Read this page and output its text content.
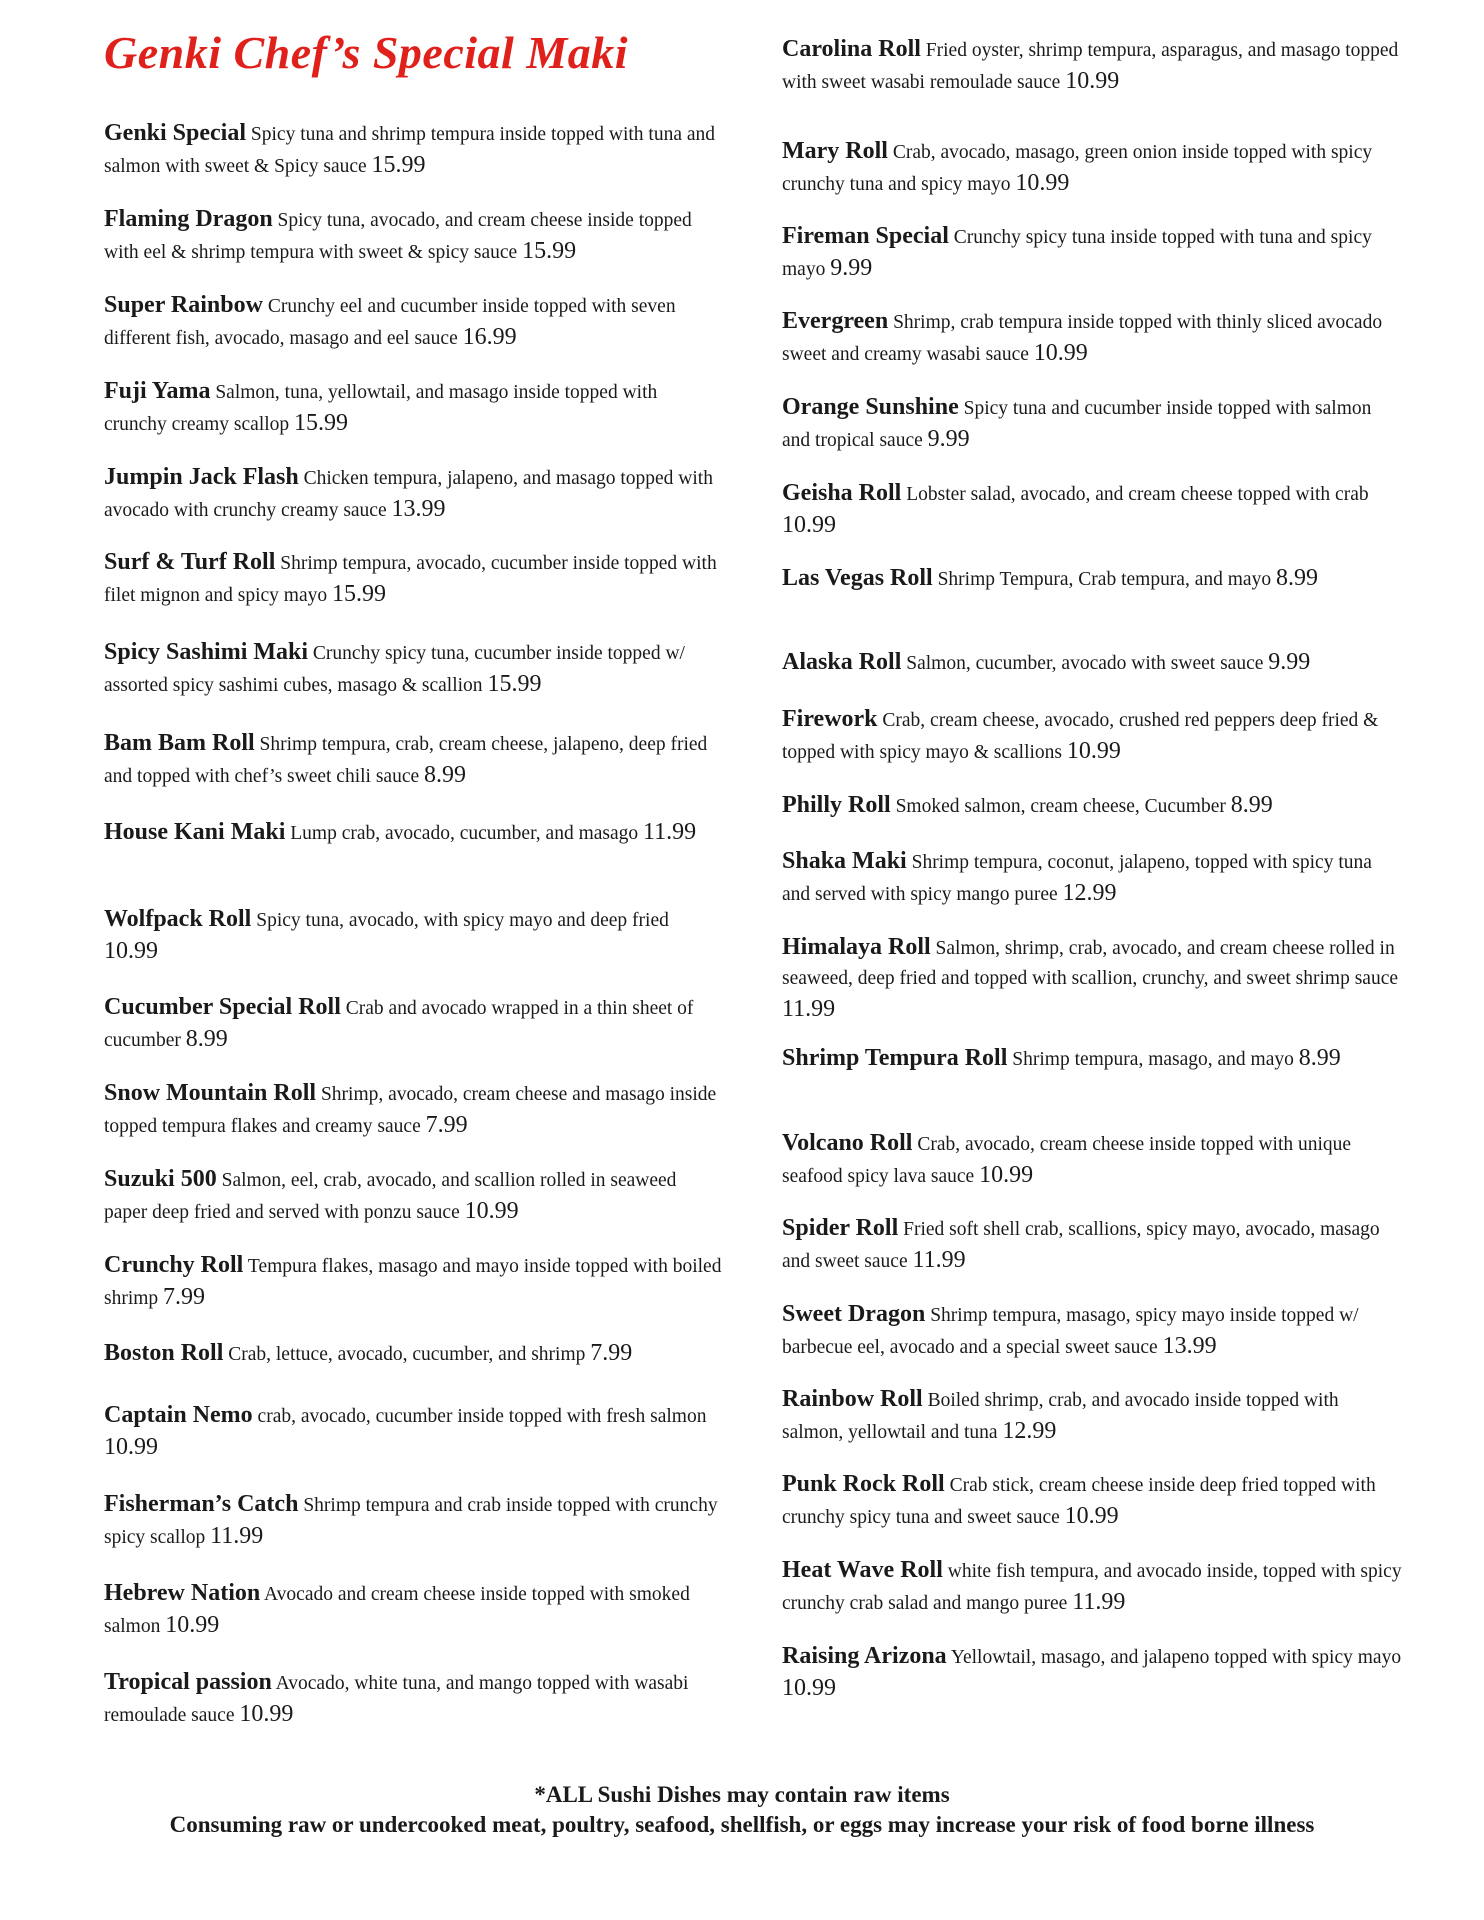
Genki Chef’s Special Maki
Genki Special Spicy tuna and shrimp tempura inside topped with tuna and salmon with sweet & Spicy sauce 15.99
Flaming Dragon Spicy tuna, avocado, and cream cheese inside topped with eel & shrimp tempura with sweet & spicy sauce 15.99
Super Rainbow Crunchy eel and cucumber inside topped with seven different fish, avocado, masago and eel sauce 16.99
Fuji Yama Salmon, tuna, yellowtail, and masago inside topped with crunchy creamy scallop 15.99
Jumpin Jack Flash Chicken tempura, jalapeno, and masago topped with avocado with crunchy creamy sauce 13.99
Surf & Turf Roll Shrimp tempura, avocado, cucumber inside topped with filet mignon and spicy mayo 15.99
Spicy Sashimi Maki Crunchy spicy tuna, cucumber inside topped w/ assorted spicy sashimi cubes, masago & scallion 15.99
Bam Bam Roll Shrimp tempura, crab, cream cheese, jalapeno, deep fried and topped with chef’s sweet chili sauce 8.99
House Kani Maki Lump crab, avocado, cucumber, and masago 11.99
Wolfpack Roll Spicy tuna, avocado, with spicy mayo and deep fried 10.99
Cucumber Special Roll Crab and avocado wrapped in a thin sheet of cucumber 8.99
Snow Mountain Roll Shrimp, avocado, cream cheese and masago inside topped tempura flakes and creamy sauce 7.99
Suzuki 500 Salmon, eel, crab, avocado, and scallion rolled in seaweed paper deep fried and served with ponzu sauce 10.99
Crunchy Roll Tempura flakes, masago and mayo inside topped with boiled shrimp 7.99
Boston Roll Crab, lettuce, avocado, cucumber, and shrimp 7.99
Captain Nemo crab, avocado, cucumber inside topped with fresh salmon 10.99
Fisherman’s Catch Shrimp tempura and crab inside topped with crunchy spicy scallop 11.99
Hebrew Nation Avocado and cream cheese inside topped with smoked salmon 10.99
Tropical passion Avocado, white tuna, and mango topped with wasabi remoulade sauce 10.99
Carolina Roll Fried oyster, shrimp tempura, asparagus, and masago topped with sweet wasabi remoulade sauce 10.99
Mary Roll Crab, avocado, masago, green onion inside topped with spicy crunchy tuna and spicy mayo 10.99
Fireman Special Crunchy spicy tuna inside topped with tuna and spicy mayo 9.99
Evergreen Shrimp, crab tempura inside topped with thinly sliced avocado sweet and creamy wasabi sauce 10.99
Orange Sunshine Spicy tuna and cucumber inside topped with salmon and tropical sauce 9.99
Geisha Roll Lobster salad, avocado, and cream cheese topped with crab 10.99
Las Vegas Roll Shrimp Tempura, Crab tempura, and mayo 8.99
Alaska Roll Salmon, cucumber, avocado with sweet sauce 9.99
Firework Crab, cream cheese, avocado, crushed red peppers deep fried & topped with spicy mayo & scallions 10.99
Philly Roll Smoked salmon, cream cheese, Cucumber 8.99
Shaka Maki Shrimp tempura, coconut, jalapeno, topped with spicy tuna and served with spicy mango puree 12.99
Himalaya Roll Salmon, shrimp, crab, avocado, and cream cheese rolled in seaweed, deep fried and topped with scallion, crunchy, and sweet shrimp sauce 11.99
Shrimp Tempura Roll Shrimp tempura, masago, and mayo 8.99
Volcano Roll Crab, avocado, cream cheese inside topped with unique seafood spicy lava sauce 10.99
Spider Roll Fried soft shell crab, scallions, spicy mayo, avocado, masago and sweet sauce 11.99
Sweet Dragon Shrimp tempura, masago, spicy mayo inside topped w/ barbecue eel, avocado and a special sweet sauce 13.99
Rainbow Roll Boiled shrimp, crab, and avocado inside topped with salmon, yellowtail and tuna 12.99
Punk Rock Roll Crab stick, cream cheese inside deep fried topped with crunchy spicy tuna and sweet sauce 10.99
Heat Wave Roll white fish tempura, and avocado inside, topped with spicy crunchy crab salad and mango puree 11.99
Raising Arizona Yellowtail, masago, and jalapeno topped with spicy mayo 10.99
*ALL Sushi Dishes may contain raw items
Consuming raw or undercooked meat, poultry, seafood, shellfish, or eggs may increase your risk of food borne illness
